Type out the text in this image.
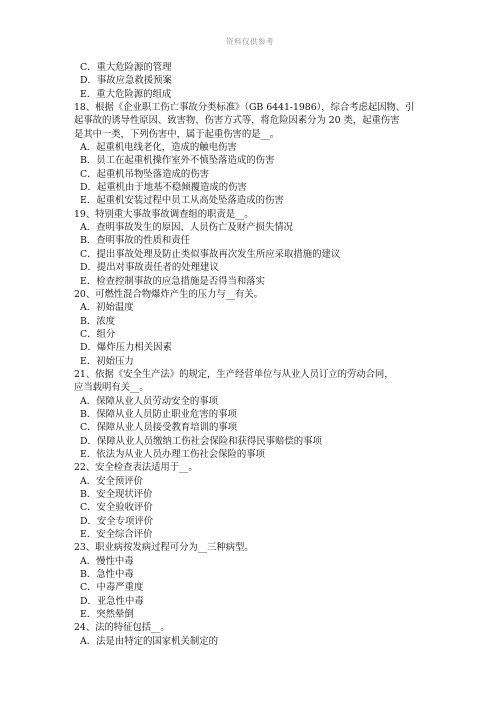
资料仅供参考
C．重大危险源的管理
D．事故应急救援预案
E．重大危险源的组成
18、根据《企业职工伤亡事故分类标准》（GB 6441-1986），综合考虑起因物、引
起事故的诱导性原因、致害物、伤害方式等，将危险因素分为 20 类，起重伤害
是其中一类，下列伤害中，属于起重伤害的是__。
A．起重机电线老化，造成的触电伤害
B．员工在起重机操作室外不慎坠落造成的伤害
C．起重机吊物坠落造成的伤害
D．起重机由于地基不稳倾覆造成的伤害
E．起重机安装过程中员工从高处坠落造成的伤害
19、特别重大事故事故调查组的职责是__。
A．查明事故发生的原因、人员伤亡及财产损失情况
B．查明事故的性质和责任
C．提出事故处理及防止类似事故再次发生所应采取措施的建议
D．提出对事故责任者的处理建议
E．检查控制事故的应急措施是否得当和落实
20、可燃性混合物爆炸产生的压力与__有关。
A．初始温度
B．浓度
C．组分
D．爆炸压力相关因素
E．初始压力
21、依据《安全生产法》的规定，生产经营单位与从业人员订立的劳动合同，
应当载明有关__。
A．保障从业人员劳动安全的事项
B．保障从业人员防止职业危害的事项
C．保障从业人员接受教育培训的事项
D．保障从业人员缴纳工伤社会保险和获得民事赔偿的事项
E．依法为从业人员办理工伤社会保险的事项
22、安全检查表法适用于__。
A．安全预评价
B．安全现状评价
C．安全验收评价
D．安全专项评价
E．安全综合评价
23、职业病按发病过程可分为__三种病型。
A．慢性中毒
B．急性中毒
C．中毒严重度
D．亚急性中毒
E．突然晕倒
24、法的特征包括__。
A．法是由特定的国家机关制定的
